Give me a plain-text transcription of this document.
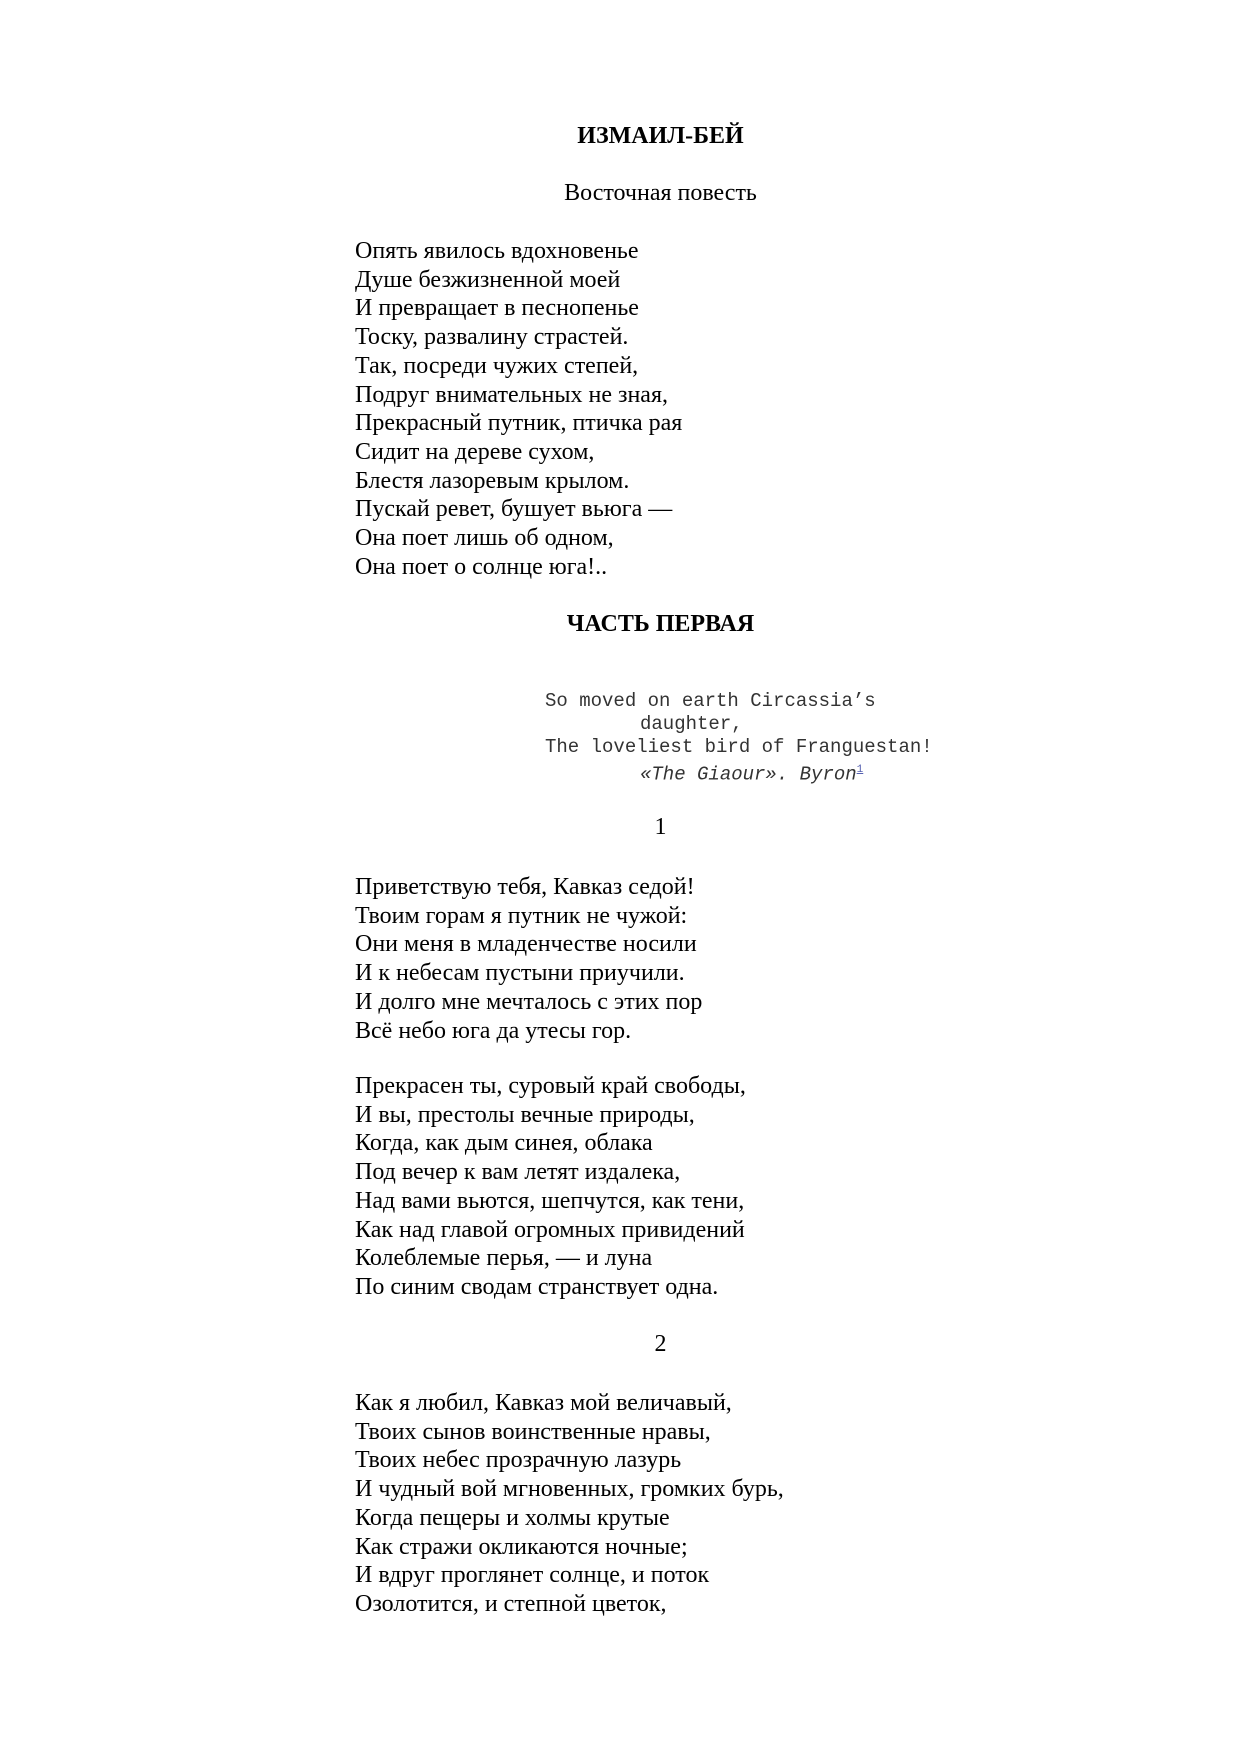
ИЗМАИЛ-БЕЙ
Восточная повесть
Опять явилось вдохновенье
Душе безжизненной моей
И превращает в песнопенье
Тоску, развалину страстей.
Так, посреди чужих степей,
Подруг внимательных не зная,
Прекрасный путник, птичка рая
Сидит на дереве сухом,
Блестя лазоревым крылом.
Пускай ревет, бушует вьюга —
Она поет лишь об одном,
Она поет о солнце юга!..
ЧАСТЬ ПЕРВАЯ
So moved on earth Circassia’s
daughter,
The loveliest bird of Franguestan!
«The Giaour». Byron$^1$
1
Приветствую тебя, Кавказ седой!
Твоим горам я путник не чужой:
Они меня в младенчестве носили
И к небесам пустыни приучили.
И долго мне мечталось с этих пор
Всё небо юга да утесы гор.
Прекрасен ты, суровый край свободы,
И вы, престолы вечные природы,
Когда, как дым синея, облака
Под вечер к вам летят издалека,
Над вами вьются, шепчутся, как тени,
Как над главой огромных привидений
Колеблемые перья, — и луна
По синим сводам странствует одна.
2
Как я любил, Кавказ мой величавый,
Твоих сынов воинственные нравы,
Твоих небес прозрачную лазурь
И чудный вой мгновенных, громких бурь,
Когда пещеры и холмы крутые
Как стражи окликаются ночные;
И вдруг проглянет солнце, и поток
Озолотится, и степной цветок,
